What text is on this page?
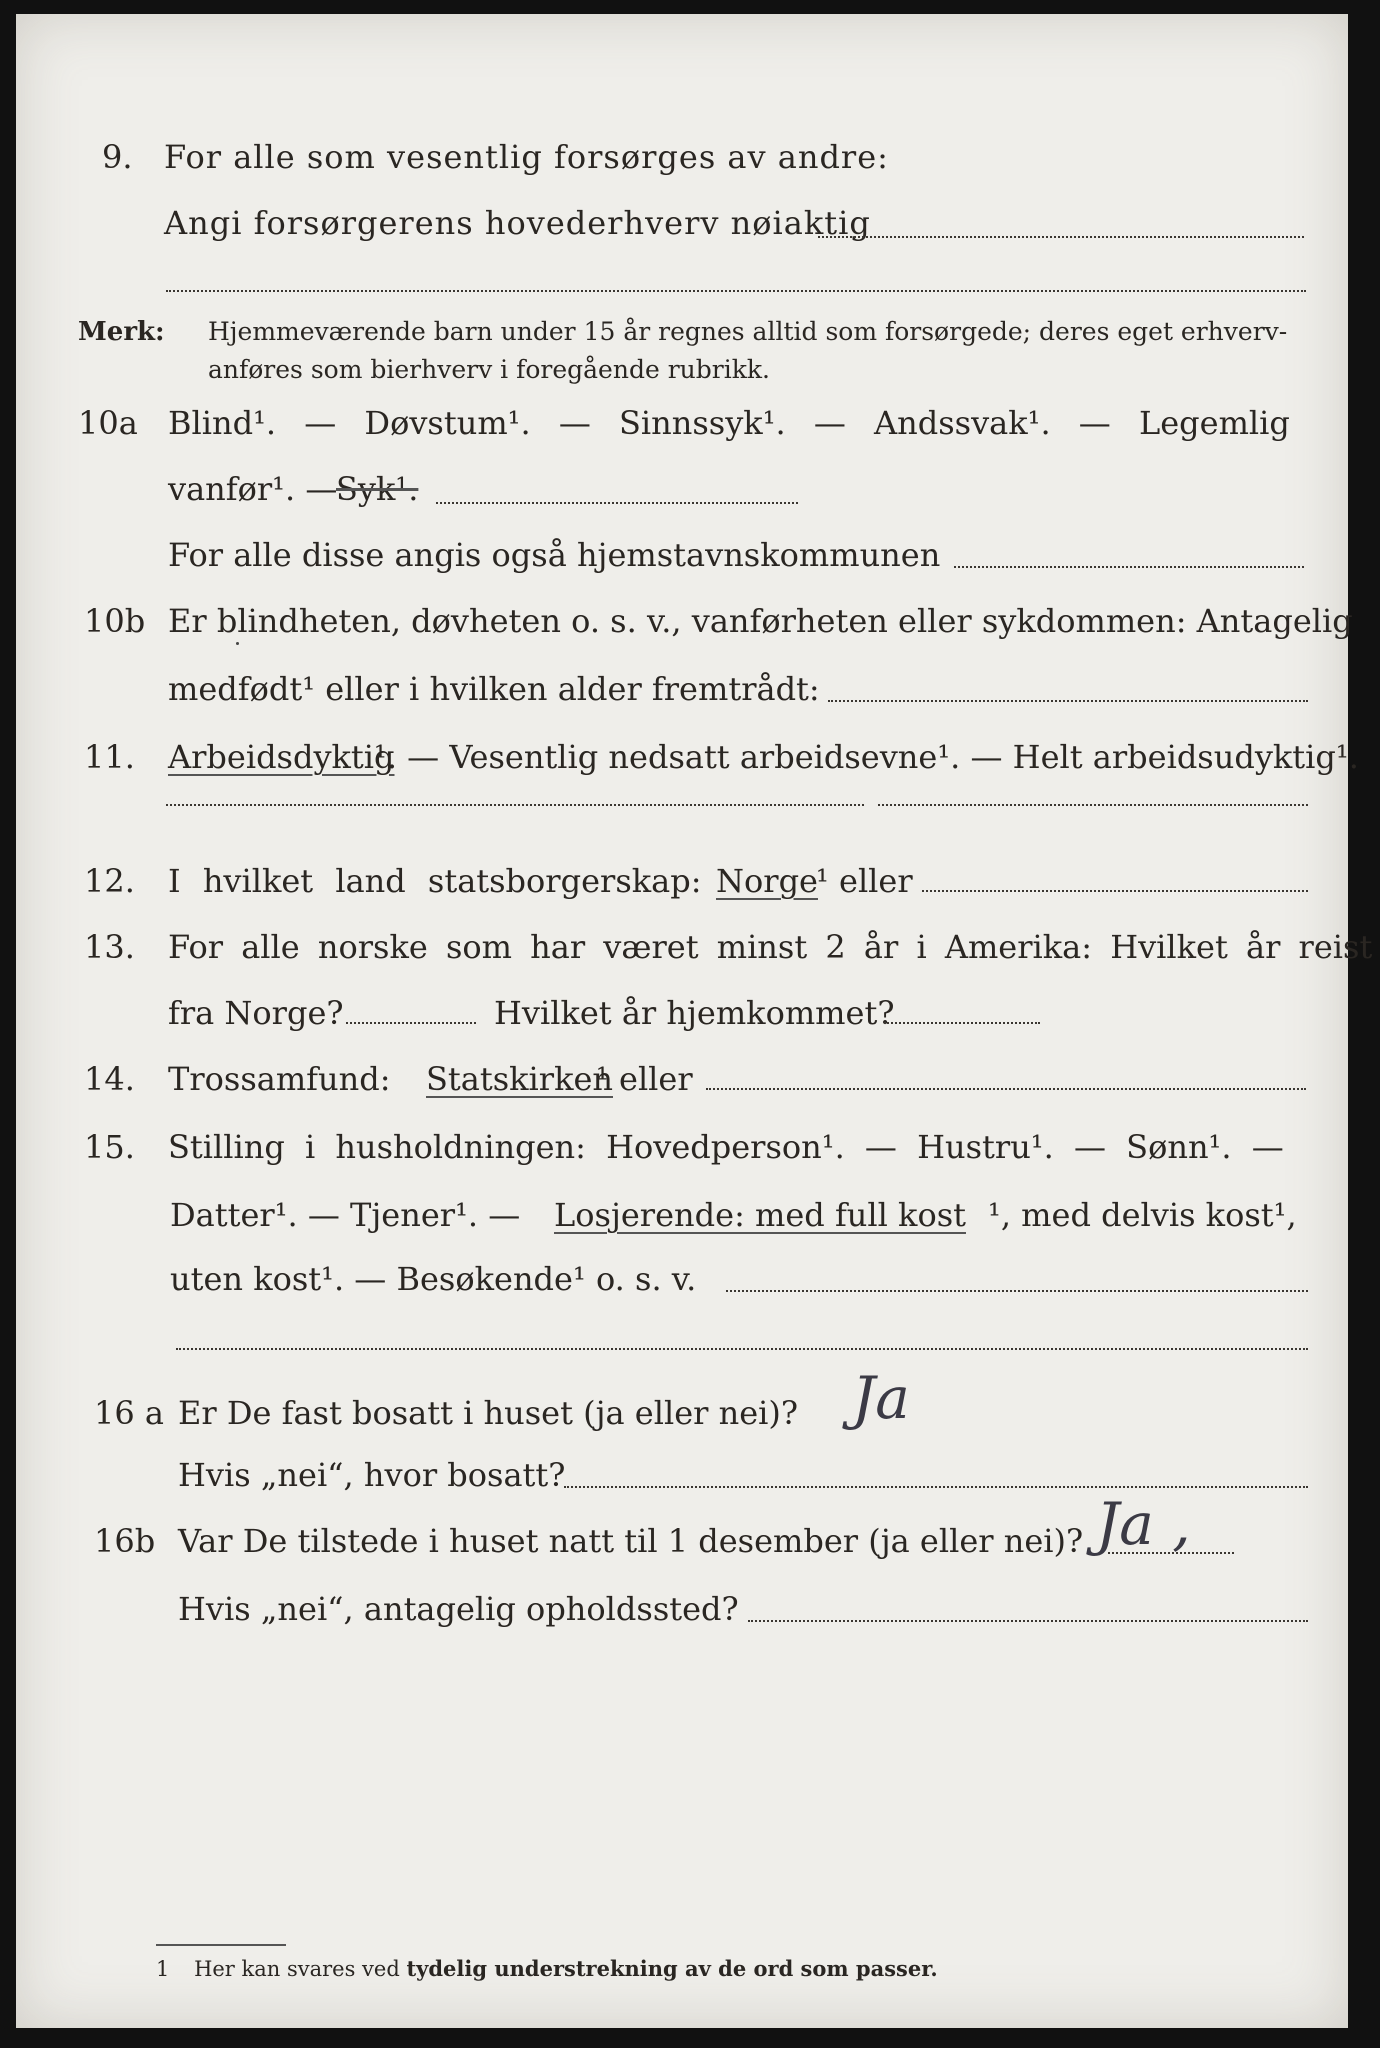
9. For alle som vesentlig forsørges av andre:
Angi forsørgerens hovederhverv nøiaktig
Merk: Hjemmeværende barn under 15 år regnes alltid som forsørgede; deres eget erhverv-
anføres som bierhverv i foregående rubrikk.
10a Blind¹. — Døvstum¹. — Sinnssyk¹. — Andssvak¹. — Legemlig
vanfør¹. —
Syk¹.
For alle disse angis også hjemstavnskommunen
10b Er blindheten, døvheten o. s. v., vanførheten eller sykdommen: Antagelig
medfødt¹ eller i hvilken alder fremtrådt:
11. Arbeidsdyktig
¹. — Vesentlig nedsatt arbeidsevne¹. — Helt arbeidsudyktig¹.
12. I hvilket land statsborgerskap: Norge
¹ eller
13. For alle norske som har været minst 2 år i Amerika: Hvilket år reist
fra Norge?	Hvilket år hjemkommet?
14. Trossamfund: Statskirken
¹ eller
15. Stilling i husholdningen: Hovedperson¹. — Hustru¹. — Sønn¹. —
Datter¹. — Tjener¹. — Losjerende: med full kost ¹, med delvis kost¹,
uten kost¹. — Besøkende¹ o. s. v.
16 a Er De fast bosatt i huset (ja eller nei)? Ja
Hvis „nei“, hvor bosatt?
16b Var De tilstede i huset natt til 1 desember (ja eller nei)? Ja ,
Hvis „nei“, antagelig opholdssted?
1 Her kan svares ved tydelig understrekning av de ord som passer.
